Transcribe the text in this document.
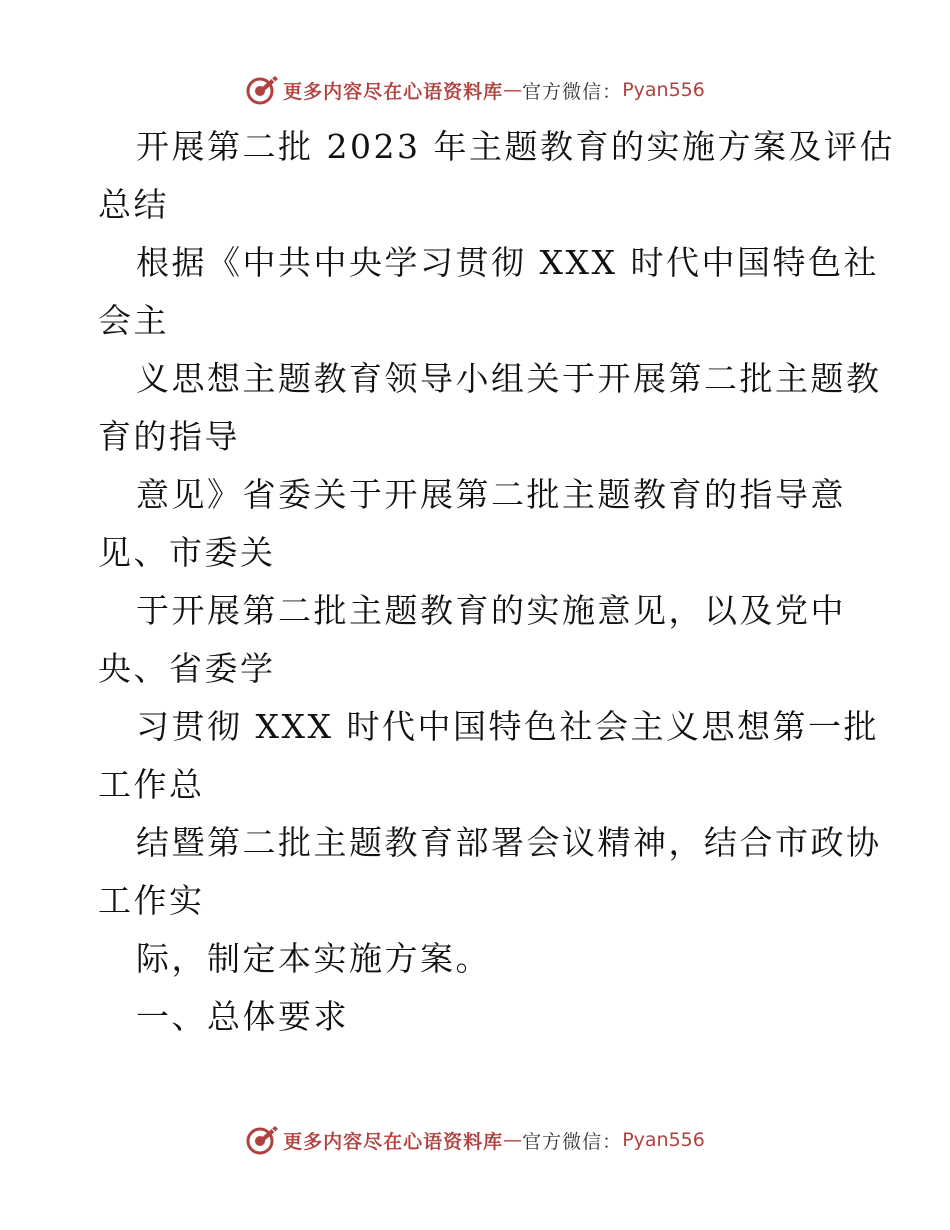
更多内容尽在心语资料库 — 官方微信： Pyan556
开展第二批 2023 年主题教育的实施方案及评估
总结
根据《中共中央学习贯彻 XXX 时代中国特色社
会主
义思想主题教育领导小组关于开展第二批主题教
育的指导
意见》省委关于开展第二批主题教育的指导意
见、市委关
于开展第二批主题教育的实施意见，以及党中
央、省委学
习贯彻 XXX 时代中国特色社会主义思想第一批
工作总
结暨第二批主题教育部署会议精神，结合市政协
工作实
际，制定本实施方案。
一、总体要求
更多内容尽在心语资料库 — 官方微信： Pyan556
